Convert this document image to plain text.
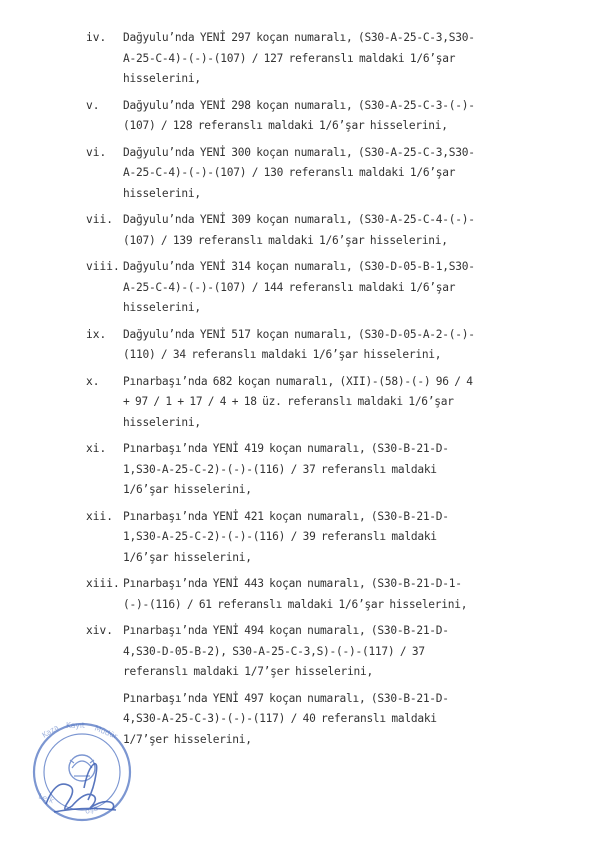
iv. Dağyulu’nda YENİ 297 koçan numaralı, (S30-A-25-C-3,S30-A-25-C-4)-(-)-(107) / 127 referanslı maldaki 1/6’şar hisselerini,
v. Dağyulu’nda YENİ 298 koçan numaralı, (S30-A-25-C-3-(-)-(107) / 128 referanslı maldaki 1/6’şar hisselerini,
vi. Dağyulu’nda YENİ 300 koçan numaralı, (S30-A-25-C-3,S30-A-25-C-4)-(-)-(107) / 130 referanslı maldaki 1/6’şar hisselerini,
vii. Dağyulu’nda YENİ 309 koçan numaralı, (S30-A-25-C-4-(-)-(107) / 139 referanslı maldaki 1/6’şar hisselerini,
viii. Dağyulu’nda YENİ 314 koçan numaralı, (S30-D-05-B-1,S30-A-25-C-4)-(-)-(107) / 144 referanslı maldaki 1/6’şar hisselerini,
ix. Dağyulu’nda YENİ 517 koçan numaralı, (S30-D-05-A-2-(-)-(110) / 34 referanslı maldaki 1/6’şar hisselerini,
x. Pınarbaşı’nda 682 koçan numaralı, (XII)-(58)-(-) 96 / 4 + 97 / 1 + 17 / 4 + 18 üz. referanslı maldaki 1/6’şar hisselerini,
xi. Pınarbaşı’nda YENİ 419 koçan numaralı, (S30-B-21-D-1,S30-A-25-C-2)-(-)-(116) / 37 referanslı maldaki 1/6’şar hisselerini,
xii. Pınarbaşı’nda YENİ 421 koçan numaralı, (S30-B-21-D-1,S30-A-25-C-2)-(-)-(116) / 39 referanslı maldaki 1/6’şar hisselerini,
xiii. Pınarbaşı’nda YENİ 443 koçan numaralı, (S30-B-21-D-1-(-)-(116) / 61 referanslı maldaki 1/6’şar hisselerini,
xiv. Pınarbaşı’nda YENİ 494 koçan numaralı, (S30-B-21-D-4,S30-D-05-B-2), S30-A-25-C-3,S)-(-)-(117) / 37 referanslı maldaki 1/7’şer hisselerini,
Pınarbaşı’nda YENİ 497 koçan numaralı, (S30-B-21-D-4,S30-A-25-C-3)-(-)-(117) / 40 referanslı maldaki 1/7’şer hisselerini,
Kaza Kayıt Müdür
Lefk
oşa
